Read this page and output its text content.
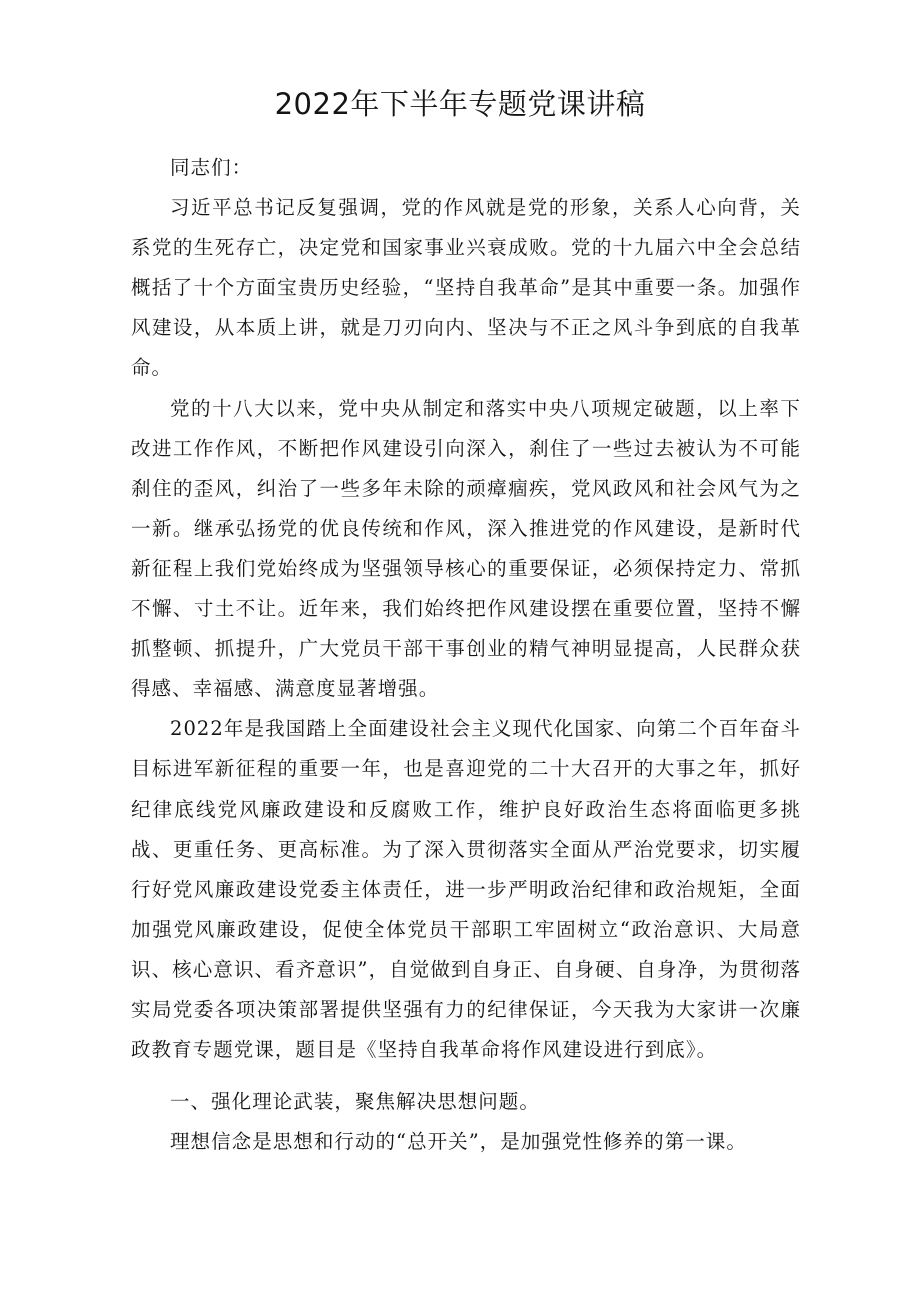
2022年下半年专题党课讲稿

同志们：

习近平总书记反复强调，党的作风就是党的形象，关系人心向背，关系党的生死存亡，决定党和国家事业兴衰成败。党的十九届六中全会总结概括了十个方面宝贵历史经验，“坚持自我革命”是其中重要一条。加强作风建设，从本质上讲，就是刀刃向内、坚决与不正之风斗争到底的自我革命。

党的十八大以来，党中央从制定和落实中央八项规定破题，以上率下改进工作作风，不断把作风建设引向深入，刹住了一些过去被认为不可能刹住的歪风，纠治了一些多年未除的顽瘴痼疾，党风政风和社会风气为之一新。继承弘扬党的优良传统和作风，深入推进党的作风建设，是新时代新征程上我们党始终成为坚强领导核心的重要保证，必须保持定力、常抓不懈、寸土不让。近年来，我们始终把作风建设摆在重要位置，坚持不懈抓整顿、抓提升，广大党员干部干事创业的精气神明显提高，人民群众获得感、幸福感、满意度显著增强。

2022年是我国踏上全面建设社会主义现代化国家、向第二个百年奋斗目标进军新征程的重要一年，也是喜迎党的二十大召开的大事之年，抓好纪律底线党风廉政建设和反腐败工作，维护良好政治生态将面临更多挑战、更重任务、更高标准。为了深入贯彻落实全面从严治党要求，切实履行好党风廉政建设党委主体责任，进一步严明政治纪律和政治规矩，全面加强党风廉政建设，促使全体党员干部职工牢固树立“政治意识、大局意识、核心意识、看齐意识”，自觉做到自身正、自身硬、自身净，为贯彻落实局党委各项决策部署提供坚强有力的纪律保证，今天我为大家讲一次廉政教育专题党课，题目是《坚持自我革命将作风建设进行到底》。

一、强化理论武装，聚焦解决思想问题。

理想信念是思想和行动的“总开关”，是加强党性修养的第一课。
